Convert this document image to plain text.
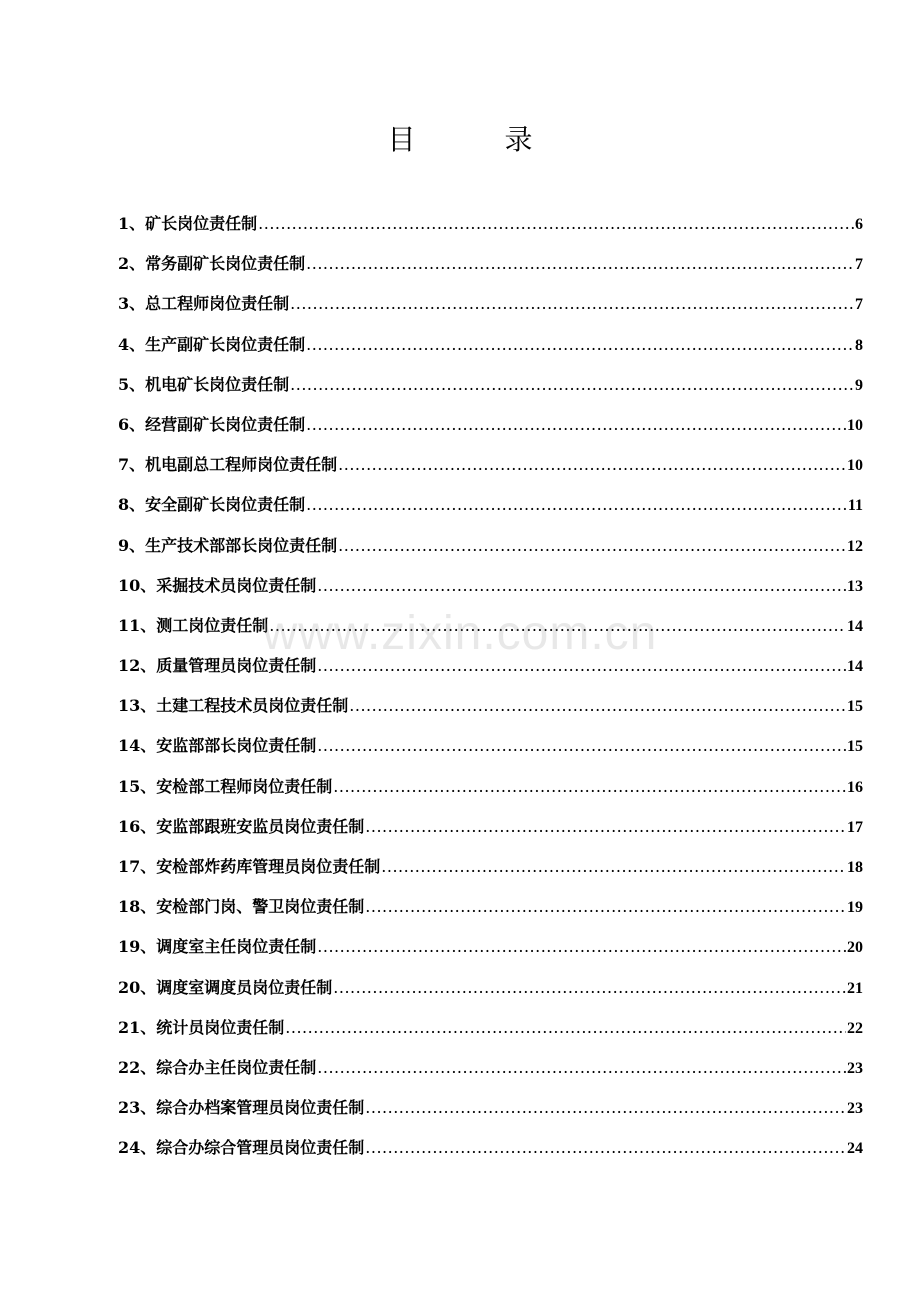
目          录
1、矿长岗位责任制 .....	6
2、常务副矿长岗位责任制 .....	7
3、总工程师岗位责任制 .....	7
4、生产副矿长岗位责任制 .....	8
5、机电矿长岗位责任制 .....	9
6、经营副矿长岗位责任制 .....	10
7、机电副总工程师岗位责任制 .....	10
8、安全副矿长岗位责任制 .....	11
9、生产技术部部长岗位责任制 .....	12
10、采掘技术员岗位责任制 .....	13
11、测工岗位责任制 .....	14
12、质量管理员岗位责任制 .....	14
13、土建工程技术员岗位责任制 .....	15
14、安监部部长岗位责任制 .....	15
15、安检部工程师岗位责任制 .....	16
16、安监部跟班安监员岗位责任制 .....	17
17、安检部炸药库管理员岗位责任制 .....	18
18、安检部门岗、警卫岗位责任制 .....	19
19、调度室主任岗位责任制 .....	20
20、调度室调度员岗位责任制 .....	21
21、统计员岗位责任制 .....	22
22、综合办主任岗位责任制 .....	23
23、综合办档案管理员岗位责任制 .....	23
24、综合办综合管理员岗位责任制 .....	24
www.zixin.com.cn
